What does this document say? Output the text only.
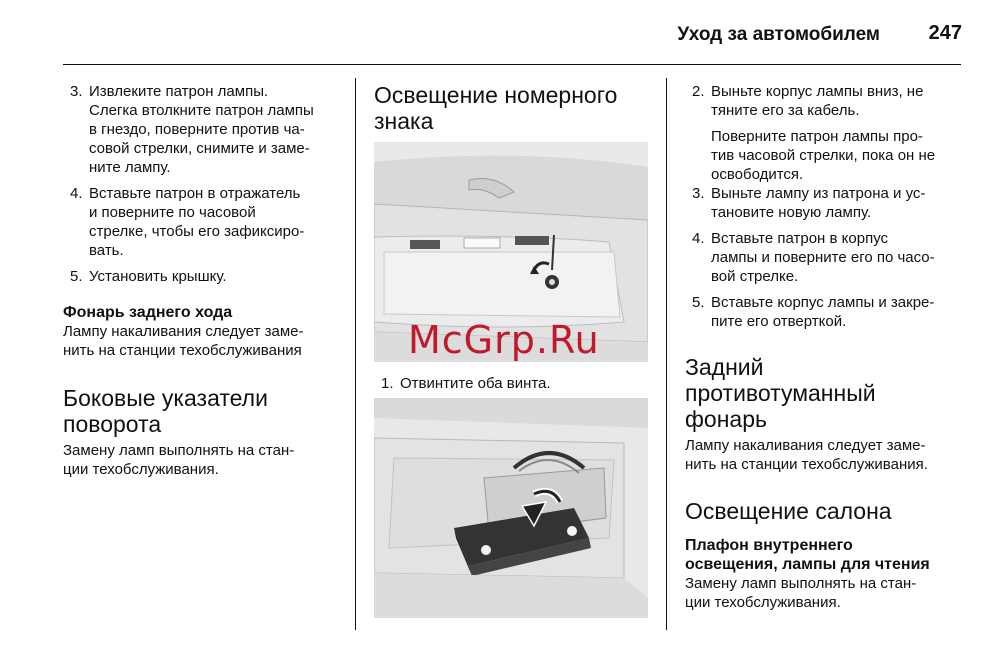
Уход за автомобилем	247
3. Извлеките патрон лампы.
Слегка втолкните патрон лампы
в гнездо, поверните против ча-
совой стрелки, снимите и заме-
ните лампу.
4. Вставьте патрон в отражатель
и поверните по часовой
стрелке, чтобы его зафиксиро-
вать.
5. Установить крышку.

Фонарь заднего хода

Лампу накаливания следует заме-
нить на станции техобслуживания

Боковые указатели
поворота

Замену ламп выполнять на стан-
ции техобслуживания.

Освещение номерного
знака

1. Отвинтите оба винта.
McGrp.Ru
2. Выньте корпус лампы вниз, не
тяните его за кабель.

Поверните патрон лампы про-
тив часовой стрелки, пока он не
освободится.

3. Выньте лампу из патрона и ус-
тановите новую лампу.
4. Вставьте патрон в корпус
лампы и поверните его по часо-
вой стрелке.
5. Вставьте корпус лампы и закре-
пите его отверткой.

Задний
противотуманный
фонарь

Лампу накаливания следует заме-
нить на станции техобслуживания.

Освещение салона

Плафон внутреннего
освещения, лампы для чтения

Замену ламп выполнять на стан-
ции техобслуживания.
